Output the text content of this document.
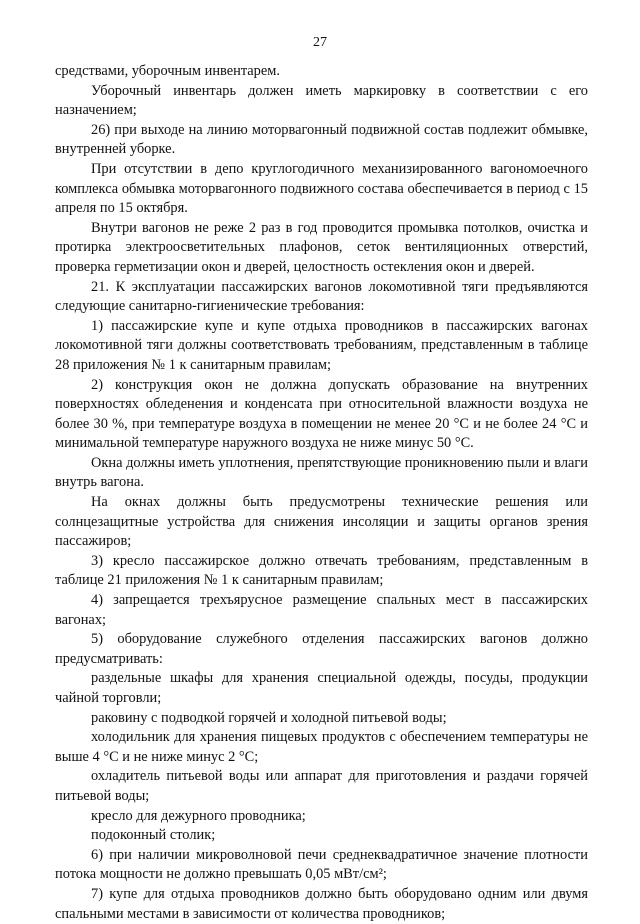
27

средствами, уборочным инвентарем.

Уборочный инвентарь должен иметь маркировку в соответствии с его назначением;

26) при выходе на линию моторвагонный подвижной состав подлежит обмывке, внутренней уборке.

При отсутствии в депо круглогодичного механизированного вагономоечного комплекса обмывка моторвагонного подвижного состава обеспечивается в период с 15 апреля по 15 октября.

Внутри вагонов не реже 2 раз в год проводится промывка потолков, очистка и протирка электроосветительных плафонов, сеток вентиляционных отверстий, проверка герметизации окон и дверей, целостность остекления окон и дверей.

21. К эксплуатации пассажирских вагонов локомотивной тяги предъявляются следующие санитарно-гигиенические требования:

1) пассажирские купе и купе отдыха проводников в пассажирских вагонах локомотивной тяги должны соответствовать требованиям, представленным в таблице 28 приложения № 1 к санитарным правилам;

2) конструкция окон не должна допускать образование на внутренних поверхностях обледенения и конденсата при относительной влажности воздуха не более 30 %, при температуре воздуха в помещении не менее 20 °С и не более 24 °С и минимальной температуре наружного воздуха не ниже минус 50 °С.

Окна должны иметь уплотнения, препятствующие проникновению пыли и влаги внутрь вагона.

На окнах должны быть предусмотрены технические решения или солнцезащитные устройства для снижения инсоляции и защиты органов зрения пассажиров;

3) кресло пассажирское должно отвечать требованиям, представленным в таблице 21 приложения № 1 к санитарным правилам;

4) запрещается трехъярусное размещение спальных мест в пассажирских вагонах;

5) оборудование служебного отделения пассажирских вагонов должно предусматривать:

раздельные шкафы для хранения специальной одежды, посуды, продукции чайной торговли;

раковину с подводкой горячей и холодной питьевой воды;

холодильник для хранения пищевых продуктов с обеспечением температуры не выше 4 °С и не ниже минус 2 °С;

охладитель питьевой воды или аппарат для приготовления и раздачи горячей питьевой воды;

кресло для дежурного проводника;

подоконный столик;

6) при наличии микроволновой печи среднеквадратичное значение плотности потока мощности не должно превышать 0,05 мВт/см²;

7) купе для отдыха проводников должно быть оборудовано одним или двумя спальными местами в зависимости от количества проводников;
